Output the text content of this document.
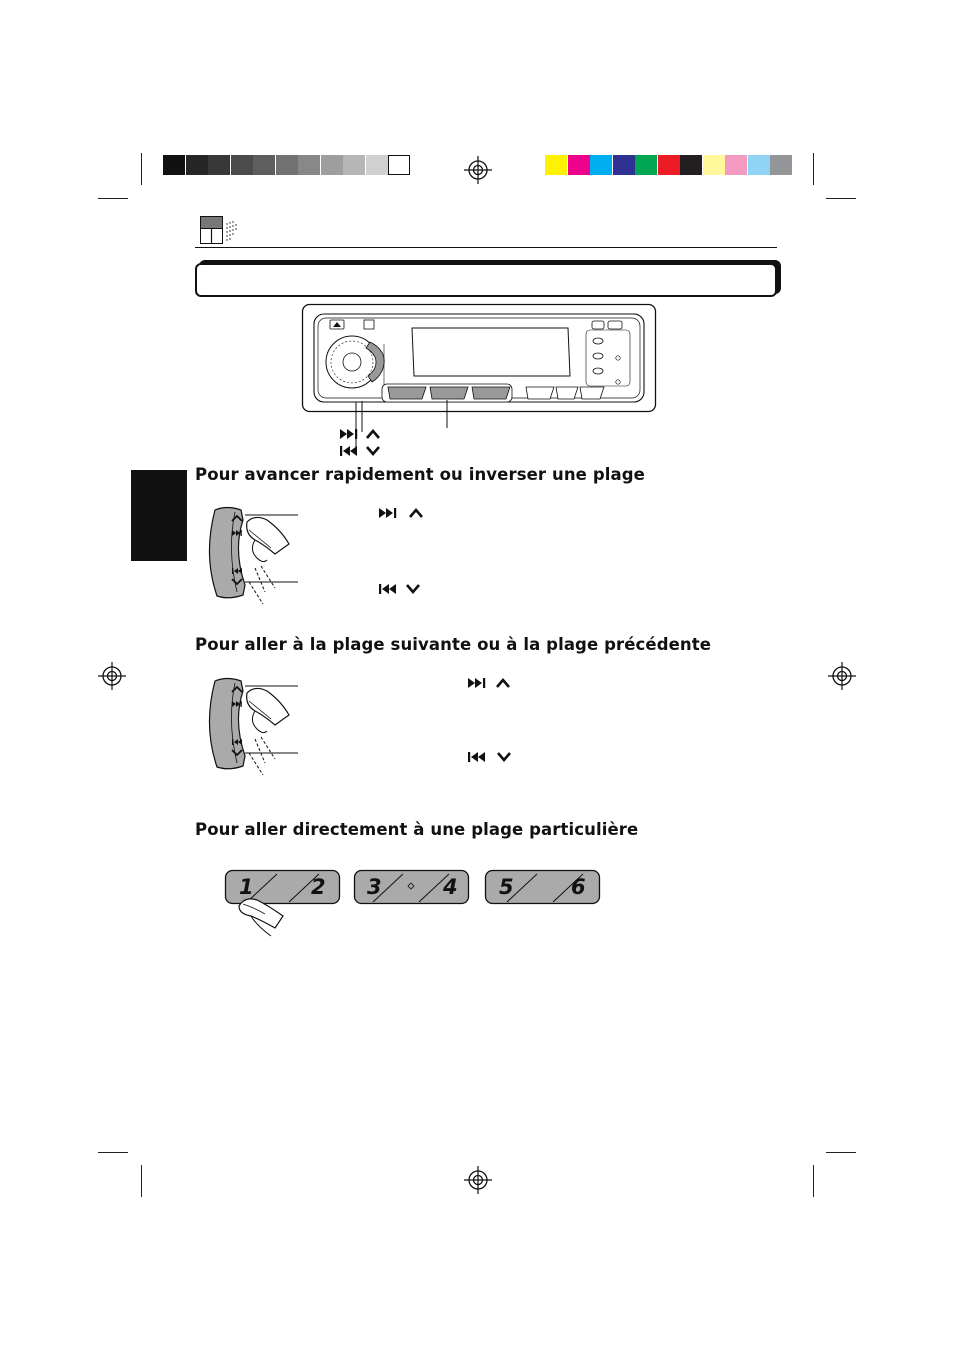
Pour avancer rapidement ou inverser une plage
Pour aller à la plage suivante ou à la plage précédente
Pour aller directement à une plage particulière
1	2 3	4 5	6
